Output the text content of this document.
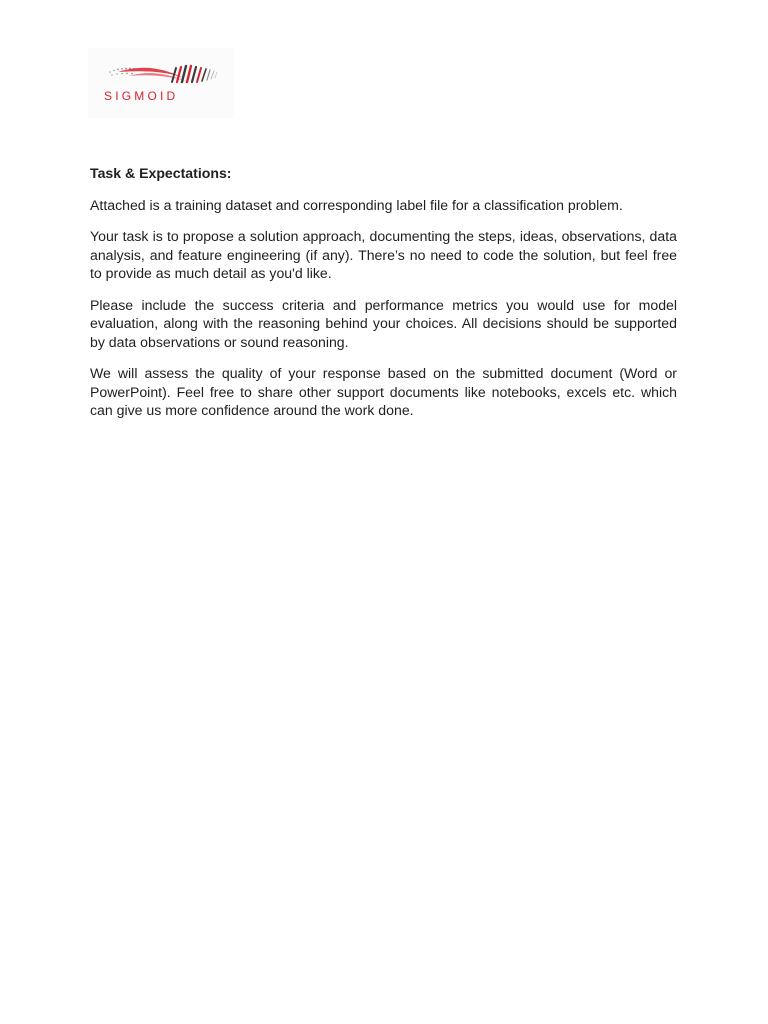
SIGMOID

Task & Expectations:

Attached is a training dataset and corresponding label file for a classification problem.

Your task is to propose a solution approach, documenting the steps, ideas, observations, data analysis, and feature engineering (if any). There’s no need to code the solution, but feel free to provide as much detail as you'd like.

Please include the success criteria and performance metrics you would use for model evaluation, along with the reasoning behind your choices. All decisions should be supported by data observations or sound reasoning.

We will assess the quality of your response based on the submitted document (Word or PowerPoint). Feel free to share other support documents like notebooks, excels etc. which can give us more confidence around the work done.
